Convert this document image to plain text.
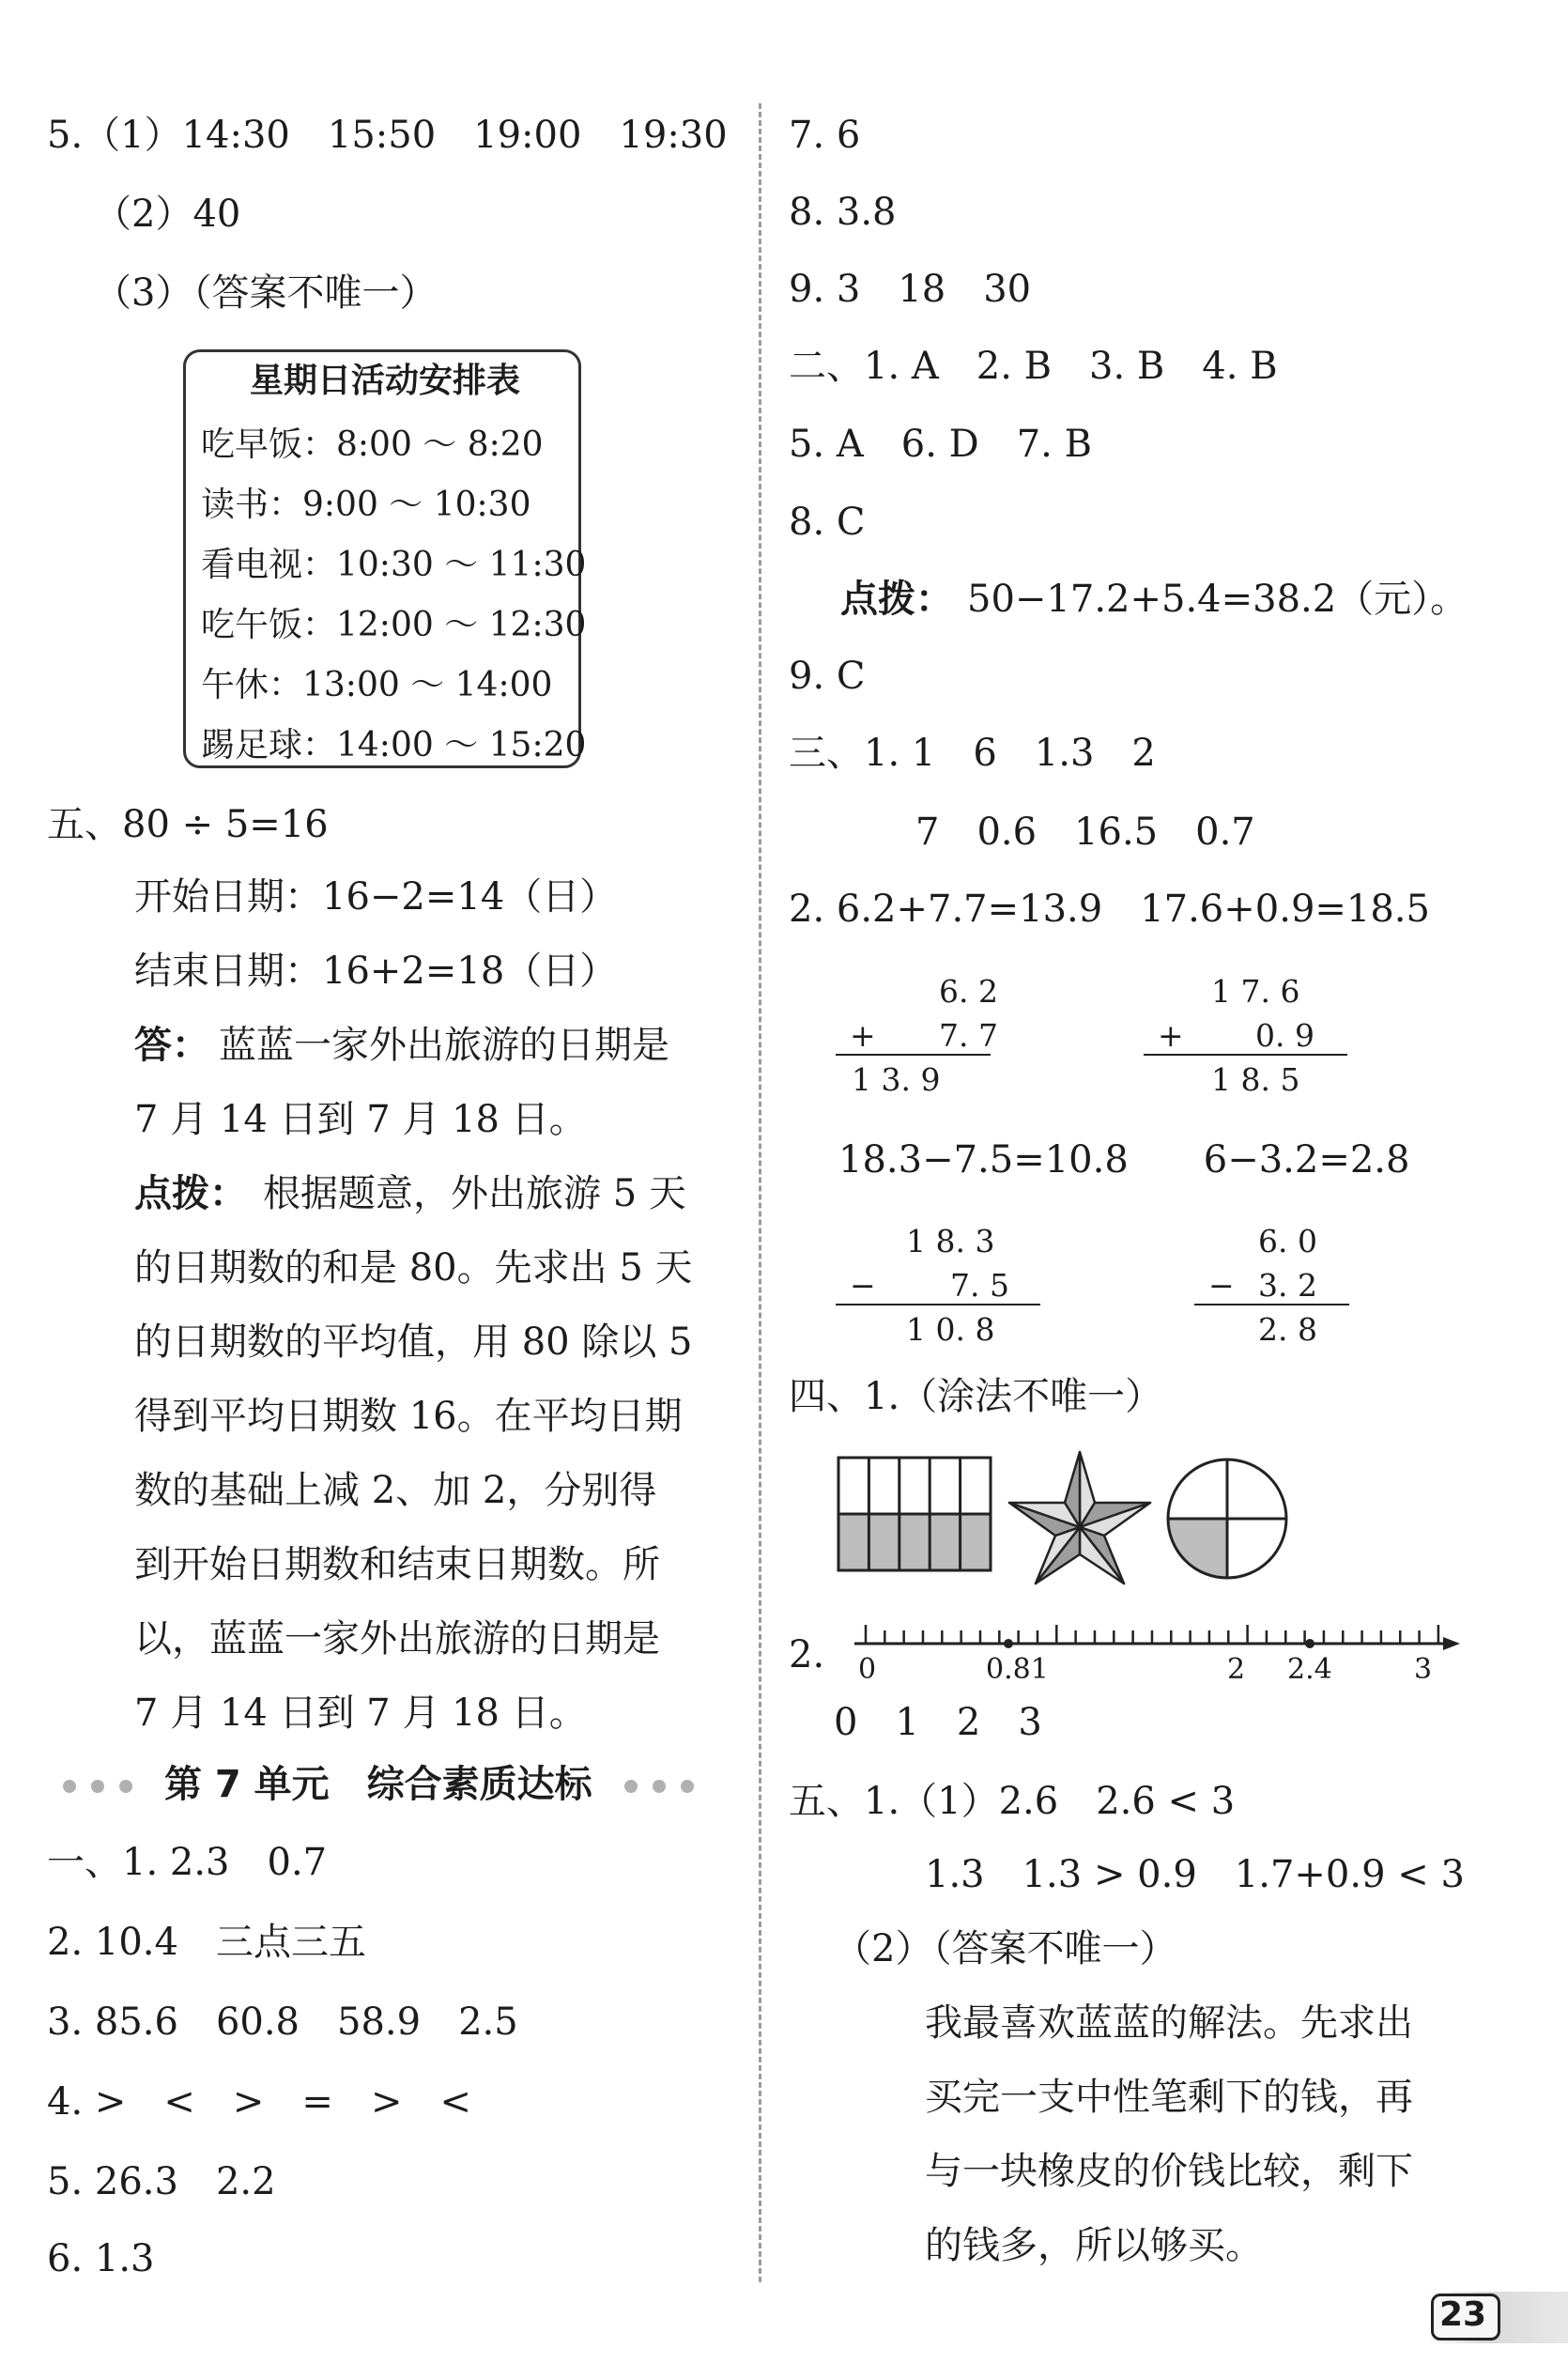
5.（1）14:30　15:50　19:00　19:30
（2）40
（3）（答案不唯一）
星期日活动安排表
吃早饭：8:00 ～ 8:20
读书：9:00 ～ 10:30
看电视：10:30 ～ 11:30
吃午饭：12:00 ～ 12:30
午休：13:00 ～ 14:00
踢足球：14:00 ～ 15:20
五、80 ÷ 5=16
开始日期：16−2=14（日）
结束日期：16+2=18（日）
答： 蓝蓝一家外出旅游的日期是
7 月 14 日到 7 月 18 日。
点拨： 根据题意，外出旅游 5 天
的日期数的和是 80。先求出 5 天
的日期数的平均值，用 80 除以 5
得到平均日期数 16。在平均日期
数的基础上减 2、加 2，分别得
到开始日期数和结束日期数。所
以，蓝蓝一家外出旅游的日期是
7 月 14 日到 7 月 18 日。
第 7 单元　综合素质达标
一、1. 2.3　0.7
2. 10.4　三点三五
3. 85.6　60.8　58.9　2.5
4. >　<　>　=　>　<
5. 26.3　2.2
6. 1.3
7. 6
8. 3.8
9. 3　18　30
二、1. A　2. B　3. B　4. B
5. A　6. D　7. B
8. C
点拨： 50−17.2+5.4=38.2（元）。
9. C
三、1. 1　6　1.3　2
7　0.6　16.5　0.7
2. 6.2+7.7=13.9　17.6+0.9=18.5
6. 2
+ 7. 7
1 3. 9
1 7. 6
+ 0. 9
1 8. 5
18.3−7.5=10.8　　6−3.2=2.8
1 8. 3
− 7. 5
1 0. 8
6. 0
− 3. 2
2. 8
四、1.（涂法不唯一）
2. 0	0.81	2 2.4	3
0　1　2　3
五、1.（1）2.6　2.6 < 3
1.3　1.3 > 0.9　1.7+0.9 < 3
（2）（答案不唯一）
我最喜欢蓝蓝的解法。先求出
买完一支中性笔剩下的钱，再
与一块橡皮的价钱比较，剩下
的钱多，所以够买。
23
